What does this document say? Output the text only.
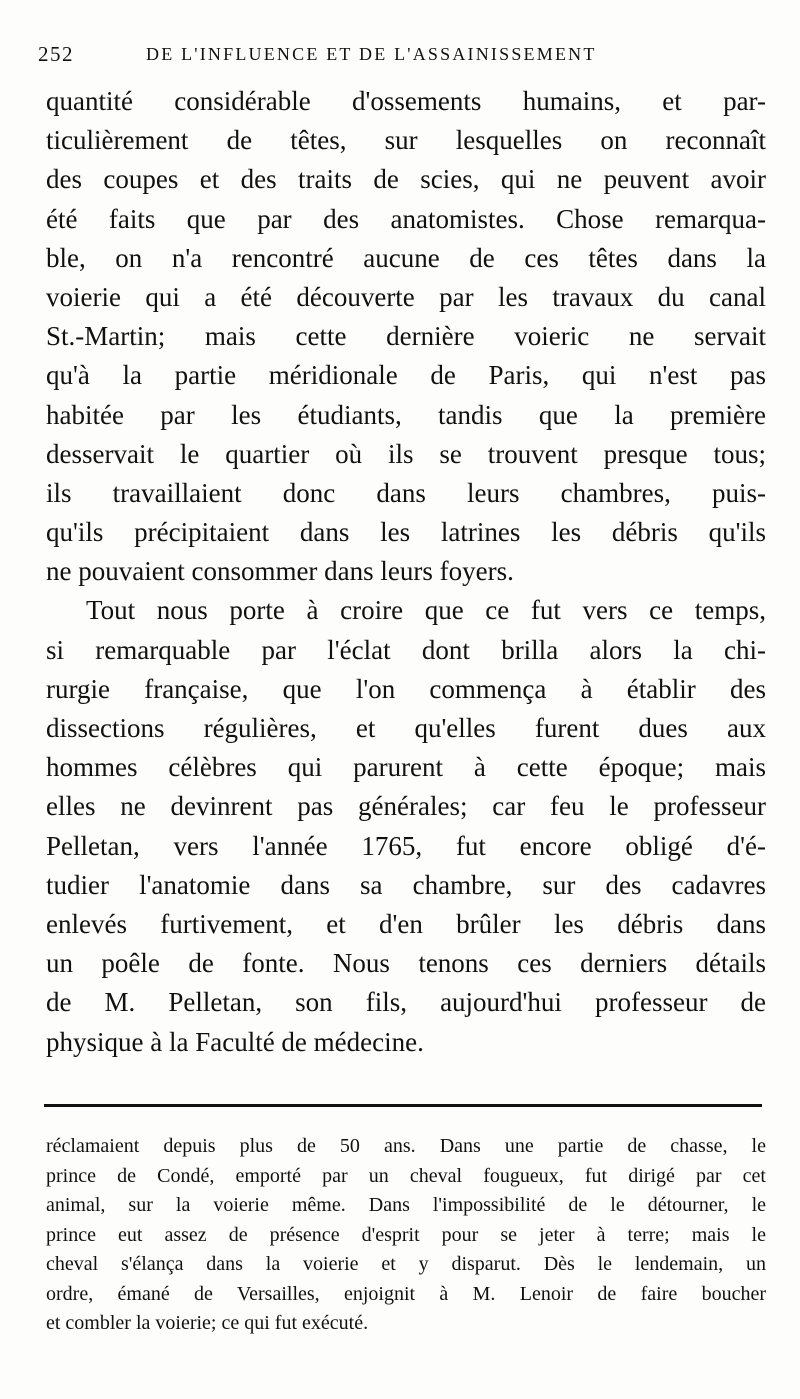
252	DE L'INFLUENCE ET DE L'ASSAINISSEMENT
quantité considérable d'ossements humains, et par-
ticulièrement de têtes, sur lesquelles on reconnaît
des coupes et des traits de scies, qui ne peuvent avoir
été faits que par des anatomistes. Chose remarqua-
ble, on n'a rencontré aucune de ces têtes dans la
voierie qui a été découverte par les travaux du canal
St.-Martin; mais cette dernière voieric ne servait
qu'à la partie méridionale de Paris, qui n'est pas
habitée par les étudiants, tandis que la première
desservait le quartier où ils se trouvent presque tous;
ils travaillaient donc dans leurs chambres, puis-
qu'ils précipitaient dans les latrines les débris qu'ils
ne pouvaient consommer dans leurs foyers.
Tout nous porte à croire que ce fut vers ce temps,
si remarquable par l'éclat dont brilla alors la chi-
rurgie française, que l'on commença à établir des
dissections régulières, et qu'elles furent dues aux
hommes célèbres qui parurent à cette époque; mais
elles ne devinrent pas générales; car feu le professeur
Pelletan, vers l'année 1765, fut encore obligé d'é-
tudier l'anatomie dans sa chambre, sur des cadavres
enlevés furtivement, et d'en brûler les débris dans
un poêle de fonte. Nous tenons ces derniers détails
de M. Pelletan, son fils, aujourd'hui professeur de
physique à la Faculté de médecine.
réclamaient depuis plus de 50 ans. Dans une partie de chasse, le
prince de Condé, emporté par un cheval fougueux, fut dirigé par cet
animal, sur la voierie même. Dans l'impossibilité de le détourner, le
prince eut assez de présence d'esprit pour se jeter à terre; mais le
cheval s'élança dans la voierie et y disparut. Dès le lendemain, un
ordre, émané de Versailles, enjoignit à M. Lenoir de faire boucher
et combler la voierie; ce qui fut exécuté.
